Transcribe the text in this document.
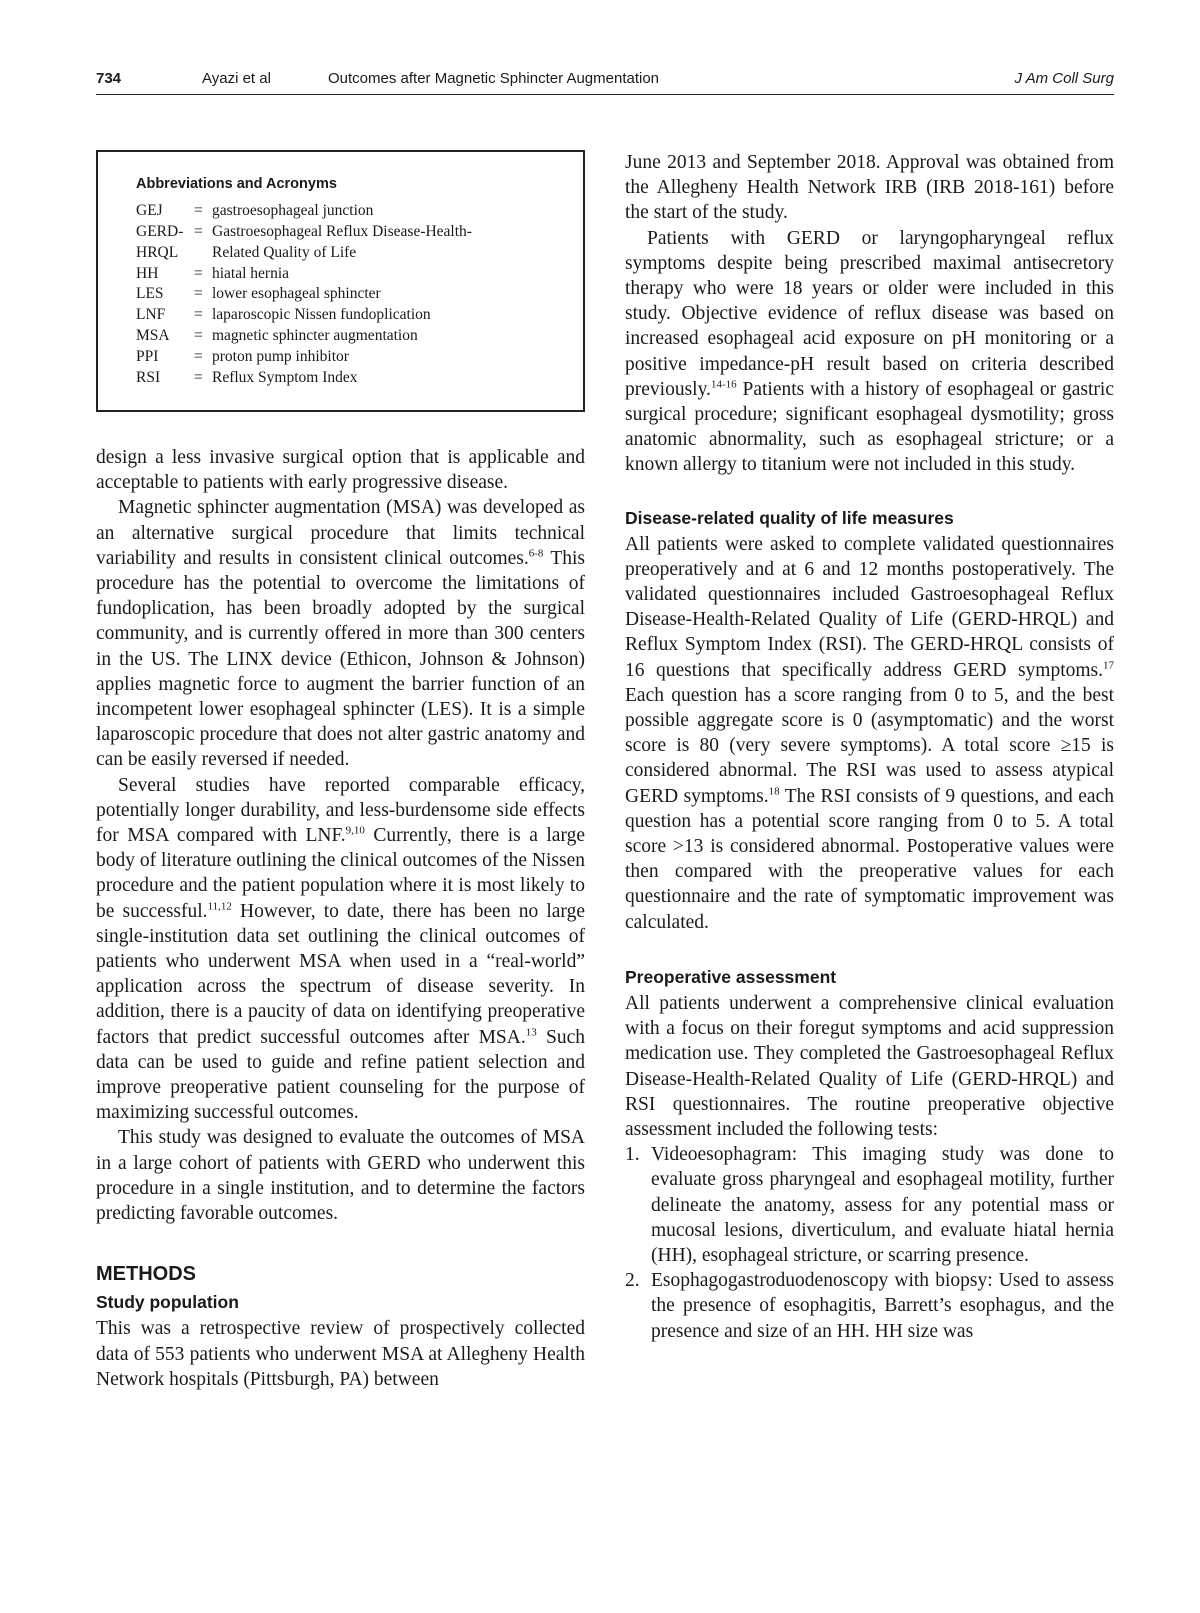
734	Ayazi et al	Outcomes after Magnetic Sphincter Augmentation	J Am Coll Surg
Abbreviations and Acronyms
GEJ	= gastroesophageal junction
GERD- = Gastroesophageal Reflux Disease-Health-
HRQL	Related Quality of Life
HH	= hiatal hernia
LES	= lower esophageal sphincter
LNF	= laparoscopic Nissen fundoplication
MSA	= magnetic sphincter augmentation
PPI	= proton pump inhibitor
RSI	= Reflux Symptom Index

design a less invasive surgical option that is applicable and acceptable to patients with early progressive disease.

Magnetic sphincter augmentation (MSA) was developed as an alternative surgical procedure that limits technical variability and results in consistent clinical outcomes.$^{6-8}$ This procedure has the potential to overcome the limitations of fundoplication, has been broadly adopted by the surgical community, and is currently offered in more than 300 centers in the US. The LINX device (Ethicon, Johnson & Johnson) applies magnetic force to augment the barrier function of an incompetent lower esophageal sphincter (LES). It is a simple laparoscopic procedure that does not alter gastric anatomy and can be easily reversed if needed.

Several studies have reported comparable efficacy, potentially longer durability, and less-burdensome side effects for MSA compared with LNF.$^{9,10}$ Currently, there is a large body of literature outlining the clinical outcomes of the Nissen procedure and the patient population where it is most likely to be successful.$^{11,12}$ However, to date, there has been no large single-institution data set outlining the clinical outcomes of patients who underwent MSA when used in a “real-world” application across the spectrum of disease severity. In addition, there is a paucity of data on identifying preoperative factors that predict successful outcomes after MSA.$^{13}$ Such data can be used to guide and refine patient selection and improve preoperative patient counseling for the purpose of maximizing successful outcomes.

This study was designed to evaluate the outcomes of MSA in a large cohort of patients with GERD who underwent this procedure in a single institution, and to determine the factors predicting favorable outcomes.

METHODS
Study population

This was a retrospective review of prospectively collected data of 553 patients who underwent MSA at Allegheny Health Network hospitals (Pittsburgh, PA) between

June 2013 and September 2018. Approval was obtained from the Allegheny Health Network IRB (IRB 2018-161) before the start of the study.

Patients with GERD or laryngopharyngeal reflux symptoms despite being prescribed maximal antisecretory therapy who were 18 years or older were included in this study. Objective evidence of reflux disease was based on increased esophageal acid exposure on pH monitoring or a positive impedance-pH result based on criteria described previously.$^{14-16}$ Patients with a history of esophageal or gastric surgical procedure; significant esophageal dysmotility; gross anatomic abnormality, such as esophageal stricture; or a known allergy to titanium were not included in this study.

Disease-related quality of life measures

All patients were asked to complete validated questionnaires preoperatively and at 6 and 12 months postoperatively. The validated questionnaires included Gastroesophageal Reflux Disease-Health-Related Quality of Life (GERD-HRQL) and Reflux Symptom Index (RSI). The GERD-HRQL consists of 16 questions that specifically address GERD symptoms.$^{17}$ Each question has a score ranging from 0 to 5, and the best possible aggregate score is 0 (asymptomatic) and the worst score is 80 (very severe symptoms). A total score ≥15 is considered abnormal. The RSI was used to assess atypical GERD symptoms.$^{18}$ The RSI consists of 9 questions, and each question has a potential score ranging from 0 to 5. A total score >13 is considered abnormal. Postoperative values were then compared with the preoperative values for each questionnaire and the rate of symptomatic improvement was calculated.

Preoperative assessment

All patients underwent a comprehensive clinical evaluation with a focus on their foregut symptoms and acid suppression medication use. They completed the Gastroesophageal Reflux Disease-Health-Related Quality of Life (GERD-HRQL) and RSI questionnaires. The routine preoperative objective assessment included the following tests:

1. Videoesophagram: This imaging study was done to evaluate gross pharyngeal and esophageal motility, further delineate the anatomy, assess for any potential mass or mucosal lesions, diverticulum, and evaluate hiatal hernia (HH), esophageal stricture, or scarring presence.
2. Esophagogastroduodenoscopy with biopsy: Used to assess the presence of esophagitis, Barrett’s esophagus, and the presence and size of an HH. HH size was
